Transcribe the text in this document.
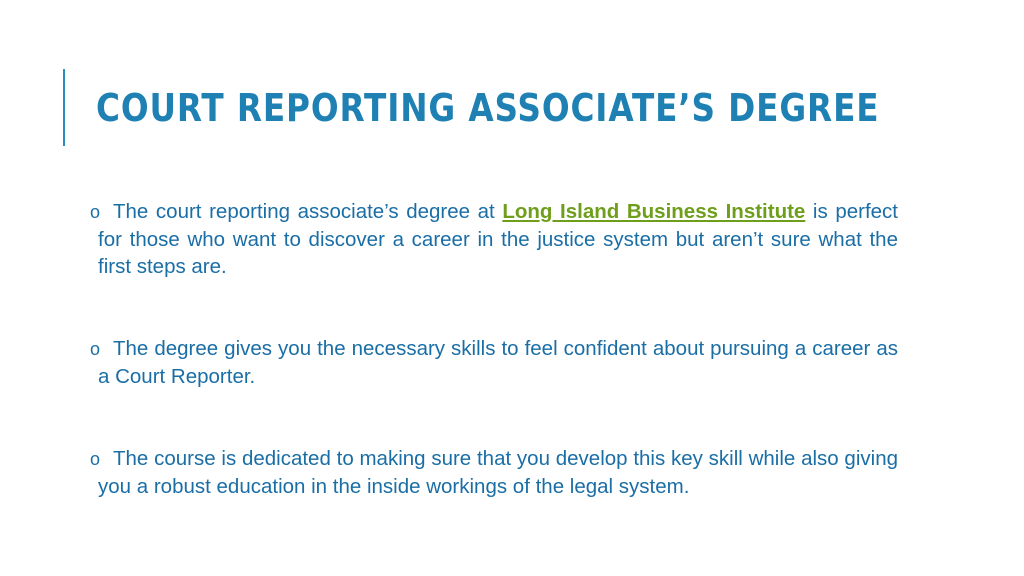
COURT REPORTING ASSOCIATE’S DEGREE
o The court reporting associate’s degree at Long Island Business Institute is perfect for those who want to discover a career in the justice system but aren’t sure what the first steps are.
o The degree gives you the necessary skills to feel confident about pursuing a career as a Court Reporter.
o The course is dedicated to making sure that you develop this key skill while also giving you a robust education in the inside workings of the legal system.
